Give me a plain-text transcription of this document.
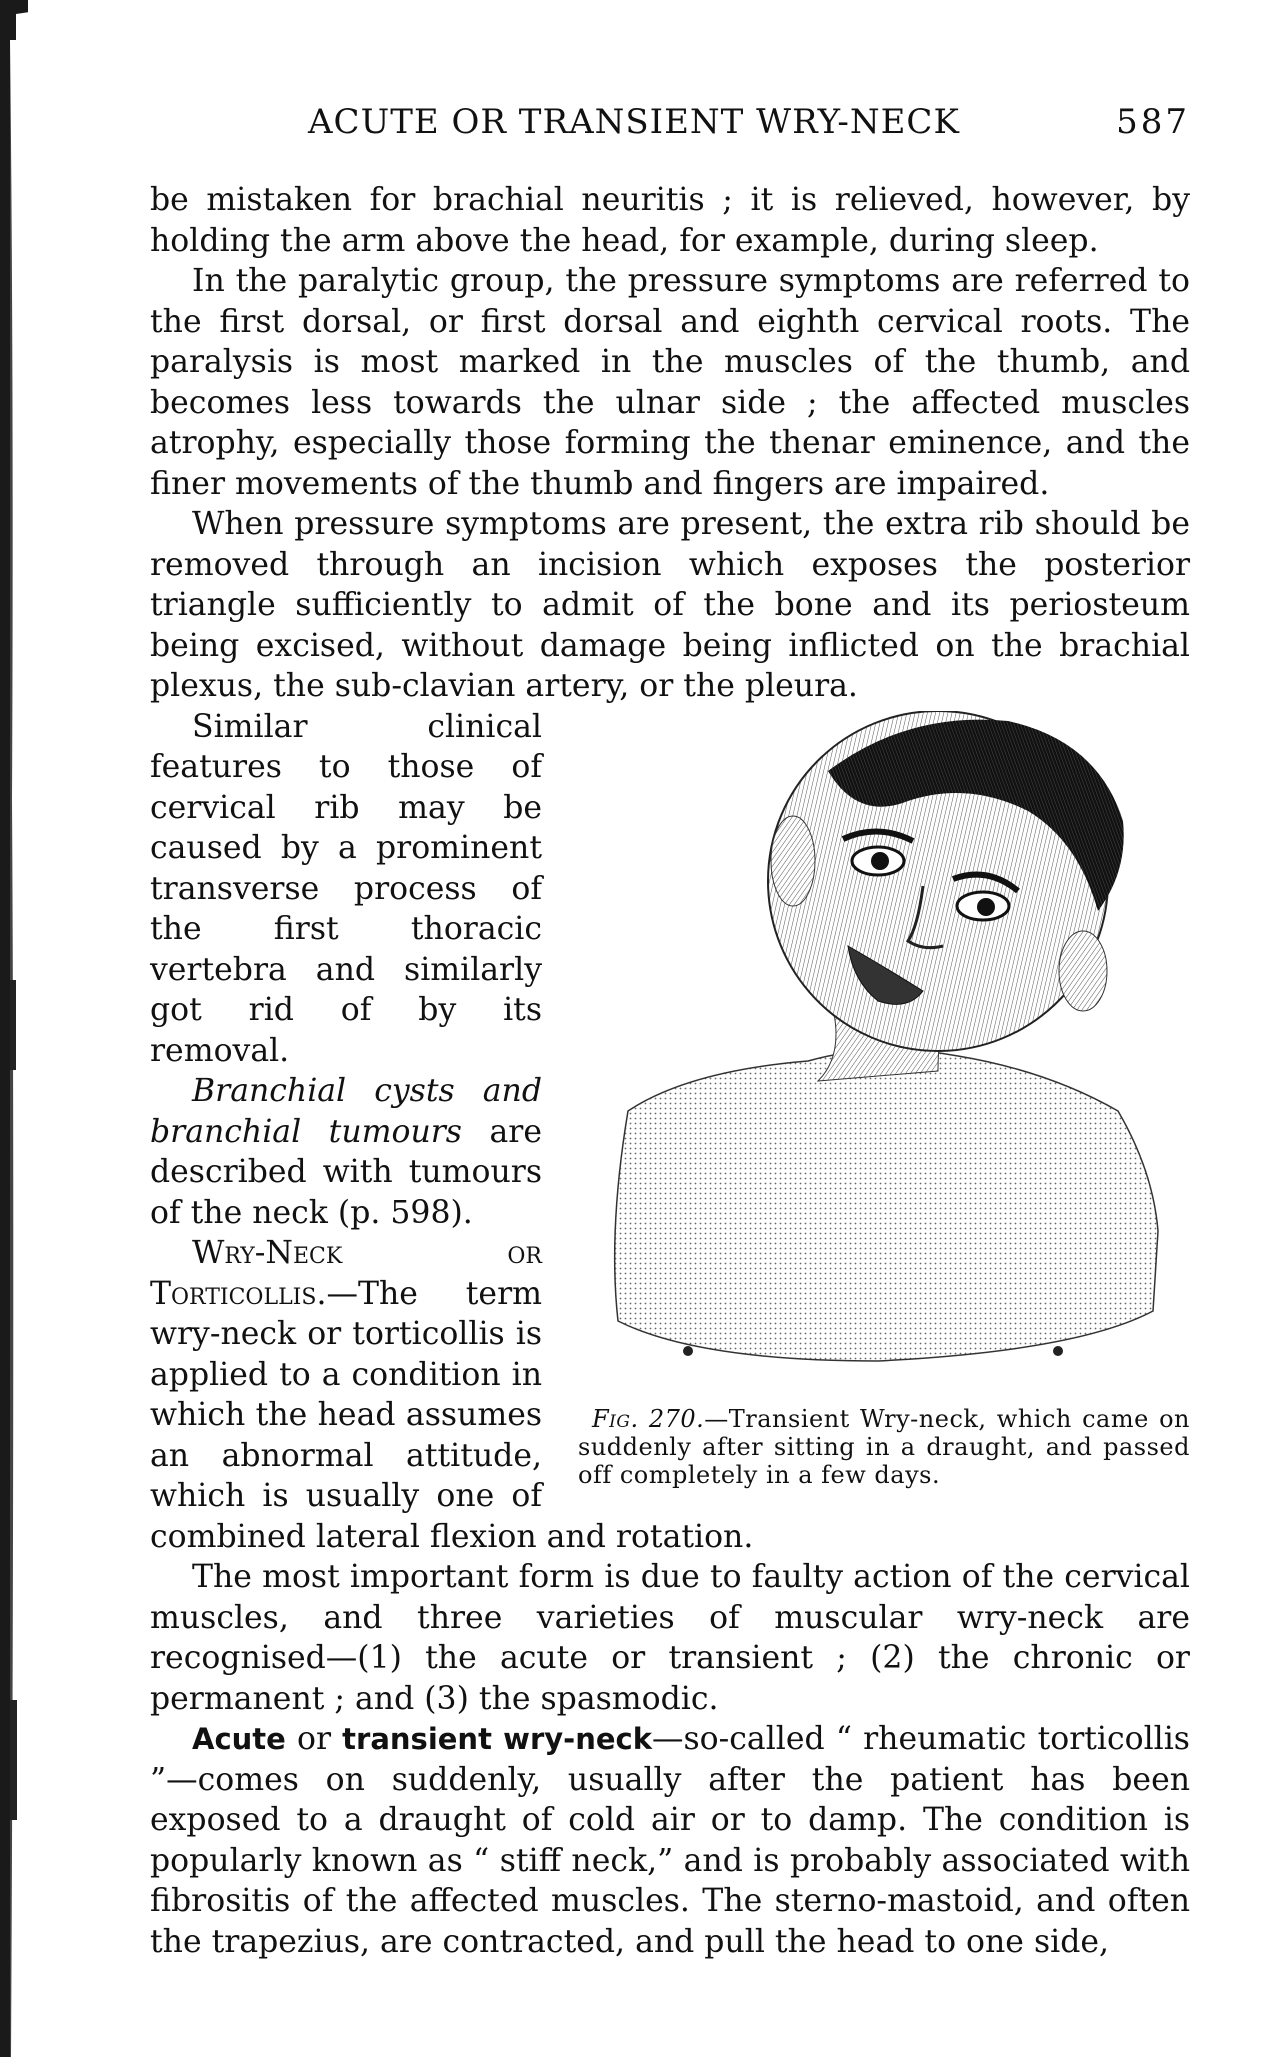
ACUTE OR TRANSIENT WRY-NECK	587

be mistaken for brachial neuritis ; it is relieved, however, by holding the arm above the head, for example, during sleep.

In the paralytic group, the pressure symptoms are referred to the first dorsal, or first dorsal and eighth cervical roots. The paralysis is most marked in the muscles of the thumb, and becomes less towards the ulnar side ; the affected muscles atrophy, especially those forming the thenar eminence, and the finer movements of the thumb and fingers are impaired.

When pressure symptoms are present, the extra rib should be removed through an incision which exposes the posterior triangle sufficiently to admit of the bone and its periosteum being excised, without damage being inflicted on the brachial plexus, the sub-clavian artery, or the pleura.

Fig. 270.—Transient Wry-neck, which came on suddenly after sitting in a draught, and passed off completely in a few days.

Similar clinical features to those of cervical rib may be caused by a prominent transverse process of the first thoracic vertebra and similarly got rid of by its removal.

Branchial cysts and branchial tumours are described with tumours of the neck (p. 598).

Wry-Neck or Torticollis.—The term wry-neck or torticollis is applied to a condition in which the head assumes an abnormal attitude, which is usually one of combined lateral flexion and rotation.

The most important form is due to faulty action of the cervical muscles, and three varieties of muscular wry-neck are recognised—(1) the acute or transient ; (2) the chronic or permanent ; and (3) the spasmodic.

Acute or transient wry-neck—so-called “ rheumatic torticollis ”—comes on suddenly, usually after the patient has been exposed to a draught of cold air or to damp. The condition is popularly known as “ stiff neck,” and is probably associated with fibrositis of the affected muscles. The sterno-mastoid, and often the trapezius, are contracted, and pull the head to one side,
